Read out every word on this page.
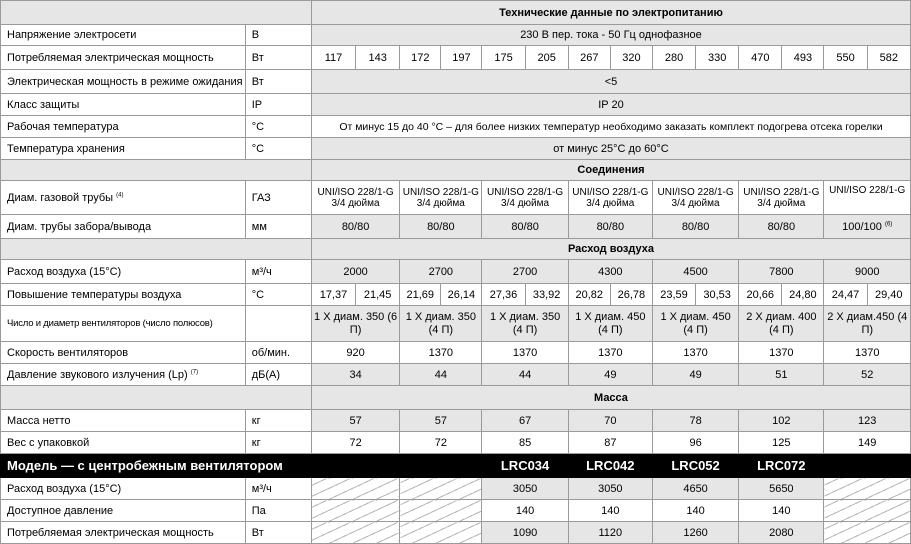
		Технические данные по электропитанию													
Напряжение электросети	В	230 В пер. тока - 50 Гц однофазное													
Потребляемая электрическая мощность	Вт	117	143	172	197	175	205	267	320	280	330	470	493	550	582
Электрическая мощность в режиме ожидания	Вт	<5													
Класс защиты	IP	IP 20													
Рабочая температура	°C	От минус 15 до 40 °C – для более низких температур необходимо заказать комплект подогрева отсека горелки													
Температура хранения	°C	от минус 25°C до 60°C													
		Соединения													
Диам. газовой трубы $^{(4)}$	ГАЗ	UNI/ISO 228/1-G 3/4 дюйма		UNI/ISO 228/1-G 3/4 дюйма		UNI/ISO 228/1-G 3/4 дюйма		UNI/ISO 228/1-G 3/4 дюйма		UNI/ISO 228/1-G 3/4 дюйма		UNI/ISO 228/1-G 3/4 дюйма		UNI/ISO 228/1-G	
Диам. трубы забора/вывода	мм	80/80		80/80		80/80		80/80		80/80		80/80		100/100 $^{(6)}$
		Расход воздуха													
Расход воздуха (15°C)	м³/ч	2000		2700		2700		4300		4500		7800		9000	
Повышение температуры воздуха	°C	17,37	21,45	21,69	26,14	27,36	33,92	20,82	26,78	23,59	30,53	20,66	24,80	24,47	29,40
Число и диаметр вентиляторов (число полюсов)		1 X диам. 350 (6 П)		1 X диам. 350 (4 П)		1 X диам. 350 (4 П)		1 X диам. 450 (4 П)		1 X диам. 450 (4 П)		2 X диам. 400 (4 П)		2 X диам.450 (4 П)	
Скорость вентиляторов	об/мин.	920		1370		1370		1370		1370		1370		1370	
Давление звукового излучения (Lp) $^{(7)}$	дБ(A)	34		44		44		49		49		51		52	
		Масса													
Масса нетто	кг	57		57		67		70		78		102		123	
Вес с упаковкой	кг	72		72		85		87		96		125		149	
Модель — с центробежным вентилятором						LRC034		LRC042		LRC052		LRC072			
Расход воздуха (15°C)	м³/ч					3050		3050		4650		5650			
Доступное давление	Па					140		140		140		140			
Потребляемая электрическая мощность	Вт					1090		1120		1260		2080			
